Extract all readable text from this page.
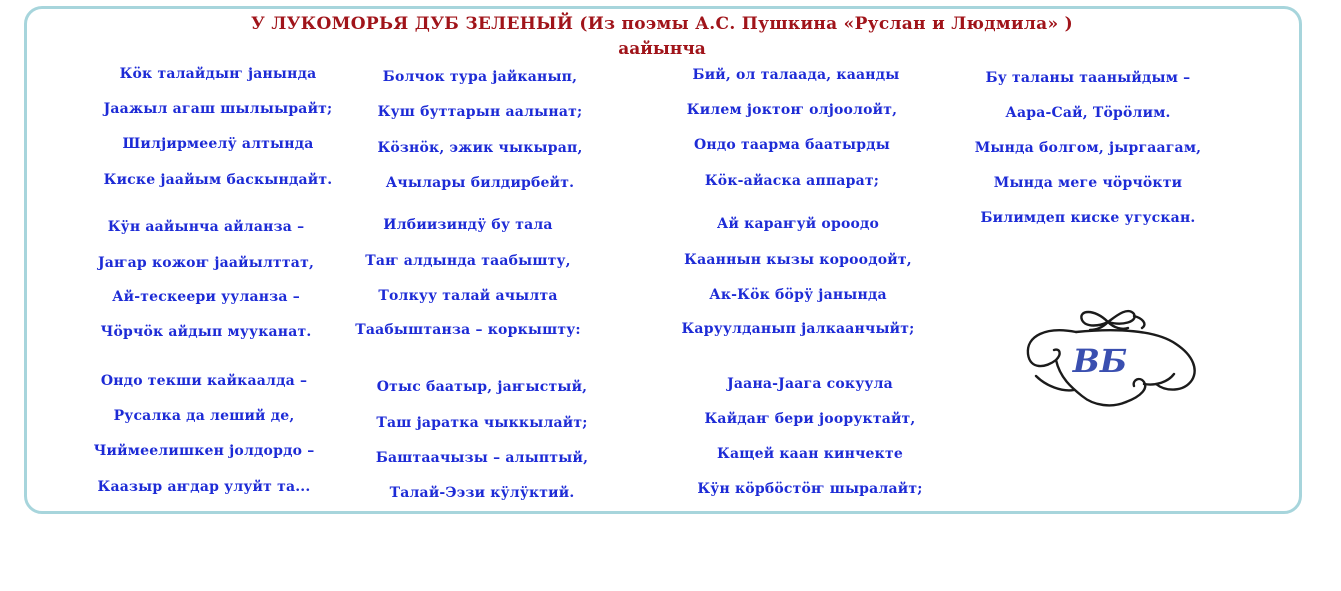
У ЛУКОМОРЬЯ ДУБ ЗЕЛЕНЫЙ (Из поэмы А.С. Пушкина «Руслан и Людмила» )
аайынча
Кӧк талайдыҥ јанында
Јаажыл агаш шылыырайт;
Шилјирмеелӱ алтында
Киске јаайым баскындайт.
Кӱн аайынча айланза –
Јаҥар кожоҥ јаайылттат,
Ай-тескеери ууланза –
Чӧрчӧк айдып мууканат.
Ондо текши кайкаалда –
Русалка да леший де,
Чиймеелишкен јолдордо –
Каазыр аҥдар улуйт та...
Болчок тура јайканып,
Куш буттарын аалынат;
Кӧзнӧк, эжик чыкырап,
Ачылары билдирбейт.
Илбиизиндӱ бу тала
Таҥ алдында таабышту,
Толкуу талай ачылта
Таабыштанза – коркышту:
Отыс баатыр, јаҥыстый,
Таш јаратка чыккылайт;
Баштаачызы – алыптый,
Талай-Ээзи кӱлӱктий.
Бий, ол талаада, каанды
Килем јоктоҥ олјоолойт,
Ондо таарма баатырды
Кӧк-айаска аппарат;
Ай караҥуй ороодо
Кааннын кызы короодойт,
Ак-Кӧк бӧрӱ јанында
Каруулданып јалкаанчыйт;
Јаана-Јаага сокуула
Кайдаҥ бери јооруктайт,
Кащей каан кинчекте
Кӱн кӧрбӧстӧҥ шыралайт;
Бу таланы тааныйдым –
Аара-Сай, Тӧрӧлим.
Мында болгом, јыргаагам,
Мында меге чӧрчӧкти
Билимдеп киске угускан.
ВБ
